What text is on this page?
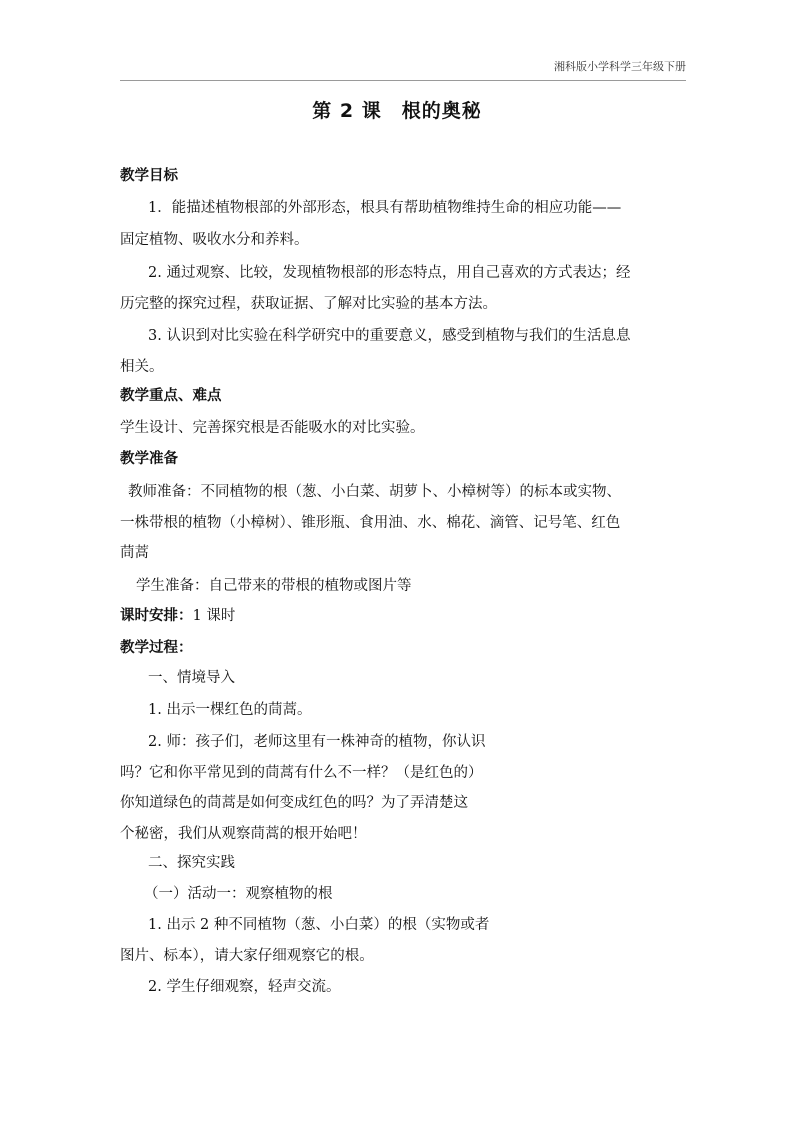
湘科版小学科学三年级下册
第 2 课　根的奥秘
教学目标
1．能描述植物根部的外部形态，根具有帮助植物维持生命的相应功能——
固定植物、吸收水分和养料。
2. 通过观察、比较，发现植物根部的形态特点，用自己喜欢的方式表达；经
历完整的探究过程，获取证据、了解对比实验的基本方法。
3. 认识到对比实验在科学研究中的重要意义，感受到植物与我们的生活息息
相关。
教学重点、难点
学生设计、完善探究根是否能吸水的对比实验。
教学准备
教师准备：不同植物的根（葱、小白菜、胡萝卜、小樟树等）的标本或实物、
一株带根的植物（小樟树）、锥形瓶、食用油、水、棉花、滴管、记号笔、红色
茼蒿
学生准备：自己带来的带根的植物或图片等
课时安排：1 课时
教学过程：
一、情境导入
1. 出示一棵红色的茼蒿。
2. 师：孩子们，老师这里有一株神奇的植物，你认识
吗？它和你平常见到的茼蒿有什么不一样？（是红色的）
你知道绿色的茼蒿是如何变成红色的吗？为了弄清楚这
个秘密，我们从观察茼蒿的根开始吧！
二、探究实践
（一）活动一：观察植物的根
1. 出示 2 种不同植物（葱、小白菜）的根（实物或者
图片、标本），请大家仔细观察它的根。
2. 学生仔细观察，轻声交流。
